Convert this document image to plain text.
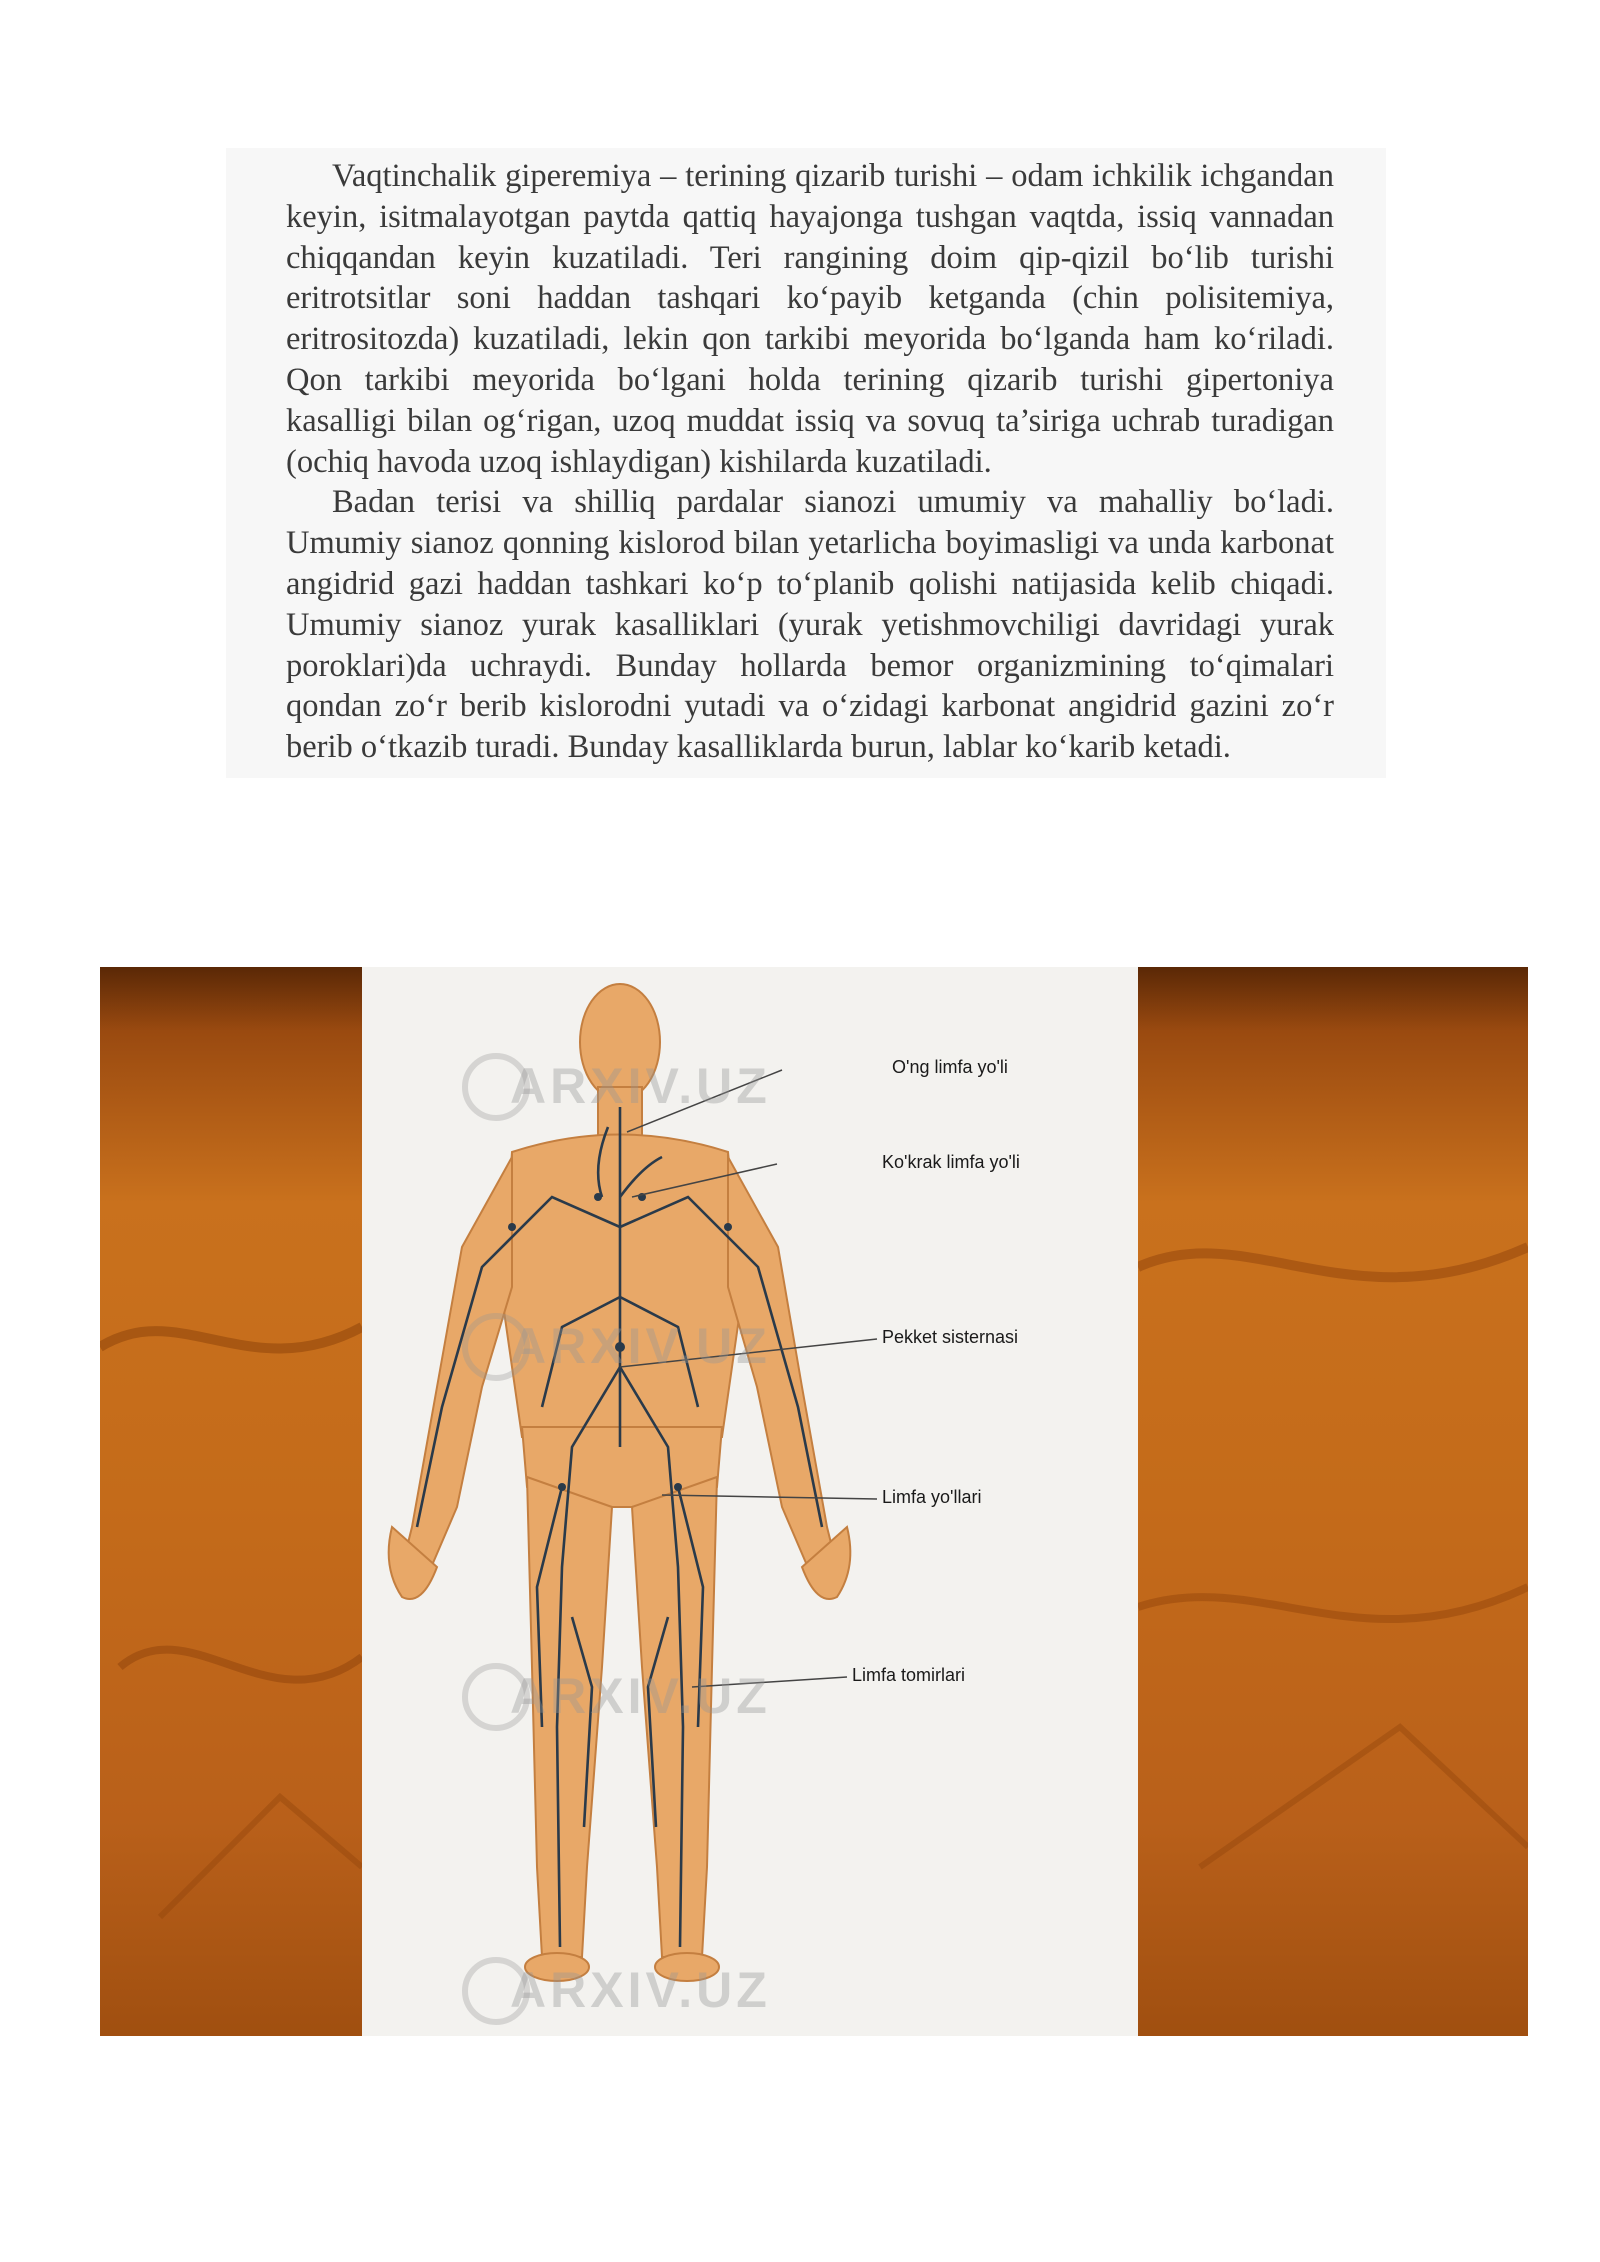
Vaqtinchalik giperemiya – terining qizarib turishi – odam ichkilik ichgandan keyin, isitmalayotgan paytda qattiq hayajonga tushgan vaqtda, issiq vannadan chiqqandan keyin kuzatiladi. Teri rangining doim qip-qizil bo‘lib turishi eritrotsitlar soni haddan tashqari ko‘payib ketganda (chin polisitemiya, eritrositozda) kuzatiladi, lekin qon tarkibi meyorida bo‘lganda ham ko‘riladi. Qon tarkibi meyorida bo‘lgani holda terining qizarib turishi gipertoniya kasalligi bilan og‘rigan, uzoq muddat issiq va sovuq ta’siriga uchrab turadigan (ochiq havoda uzoq ishlaydigan) kishilarda kuzatiladi.

Badan terisi va shilliq pardalar sianozi umumiy va mahalliy bo‘ladi. Umumiy sianoz qonning kislorod bilan yetarlicha boyimasligi va unda karbonat angidrid gazi haddan tashkari ko‘p to‘planib qolishi natijasida kelib chiqadi. Umumiy sianoz yurak kasalliklari (yurak yetishmovchiligi davridagi yurak poroklari)da uchraydi. Bunday hollarda bemor organizmining to‘qimalari qondan zo‘r berib kislorodni yutadi va o‘zidagi karbonat angidrid gazini zo‘r berib o‘tkazib turadi. Bunday kasalliklarda burun, lablar ko‘karib ketadi.

O'ng limfa yo'li
Ko'krak limfa yo'li
Pekket sisternasi
Limfa yo'llari
Limfa tomirlari
ARXIV.UZ
ARXIV.UZ
ARXIV.UZ
ARXIV.UZ
